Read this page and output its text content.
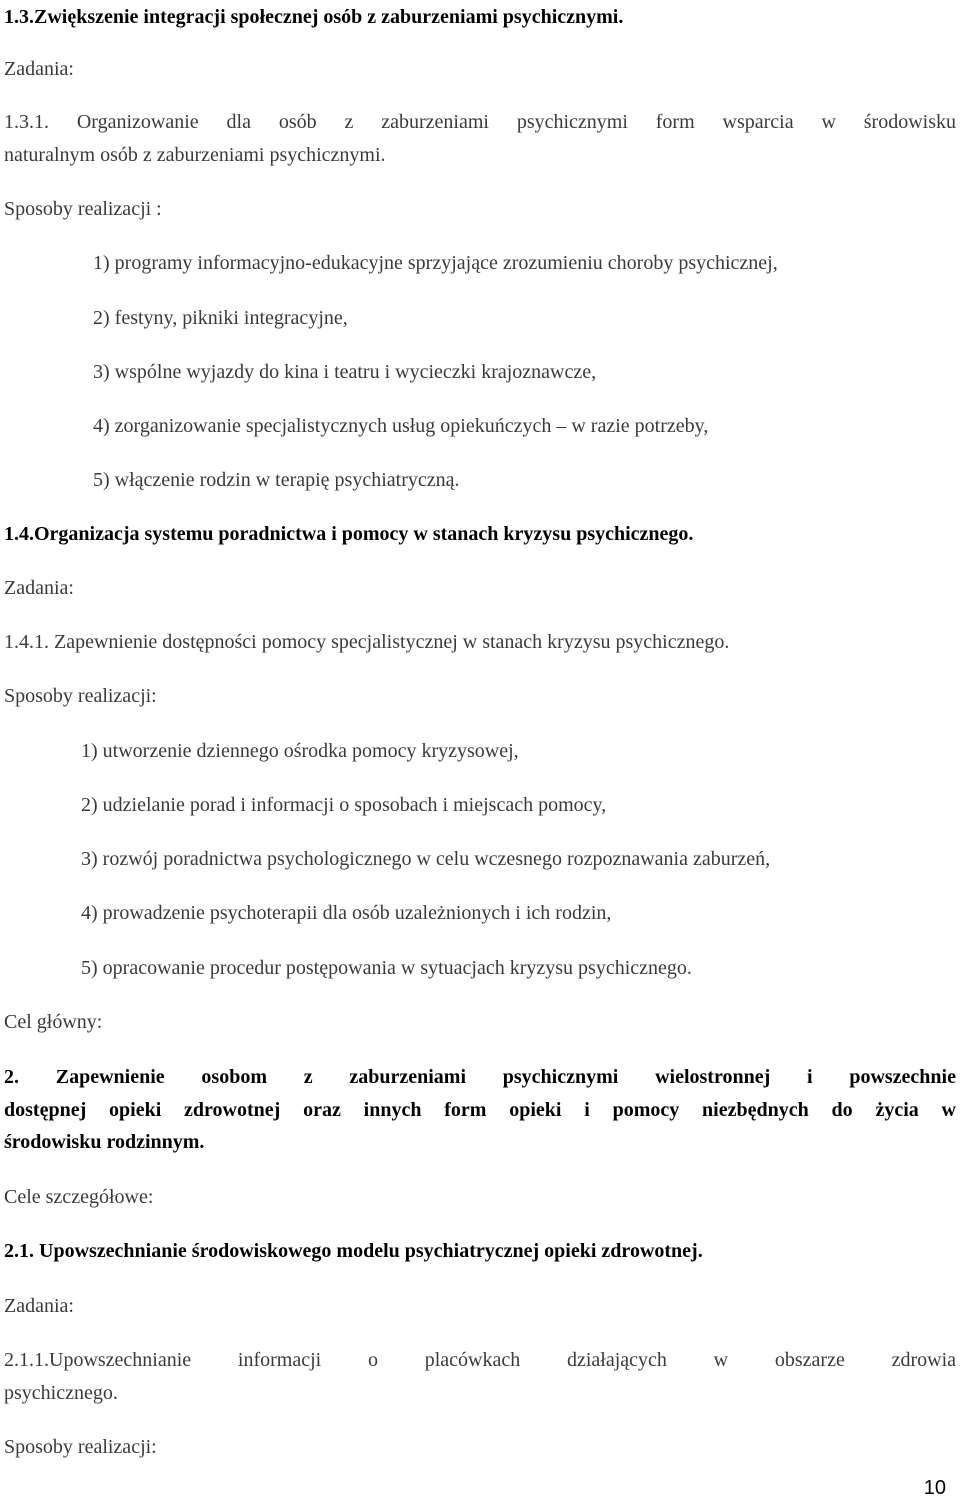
1.3.Zwiększenie integracji społecznej osób z zaburzeniami psychicznymi.
Zadania:
1.3.1. Organizowanie dla osób z zaburzeniami psychicznymi form wsparcia w środowisku
naturalnym osób z zaburzeniami psychicznymi.
Sposoby realizacji :
1) programy informacyjno-edukacyjne sprzyjające zrozumieniu choroby psychicznej,
2) festyny, pikniki integracyjne,
3) wspólne wyjazdy do kina i teatru i wycieczki krajoznawcze,
4) zorganizowanie specjalistycznych usług opiekuńczych – w razie potrzeby,
5) włączenie rodzin w terapię psychiatryczną.
1.4.Organizacja systemu poradnictwa i pomocy w stanach kryzysu psychicznego.
Zadania:
1.4.1. Zapewnienie dostępności pomocy specjalistycznej w stanach kryzysu psychicznego.
Sposoby realizacji:
1) utworzenie dziennego ośrodka pomocy kryzysowej,
2) udzielanie porad i informacji o sposobach i miejscach pomocy,
3) rozwój poradnictwa psychologicznego w celu wczesnego rozpoznawania zaburzeń,
4) prowadzenie psychoterapii dla osób uzależnionych i ich rodzin,
5) opracowanie procedur postępowania w sytuacjach kryzysu psychicznego.
Cel główny:
2. Zapewnienie osobom z zaburzeniami psychicznymi wielostronnej i powszechnie
dostępnej opieki zdrowotnej oraz innych form opieki i pomocy niezbędnych do życia w
środowisku rodzinnym.
Cele szczegółowe:
2.1. Upowszechnianie środowiskowego modelu psychiatrycznej opieki zdrowotnej.
Zadania:
2.1.1.Upowszechnianie informacji o placówkach działających w obszarze zdrowia
psychicznego.
Sposoby realizacji:
10
